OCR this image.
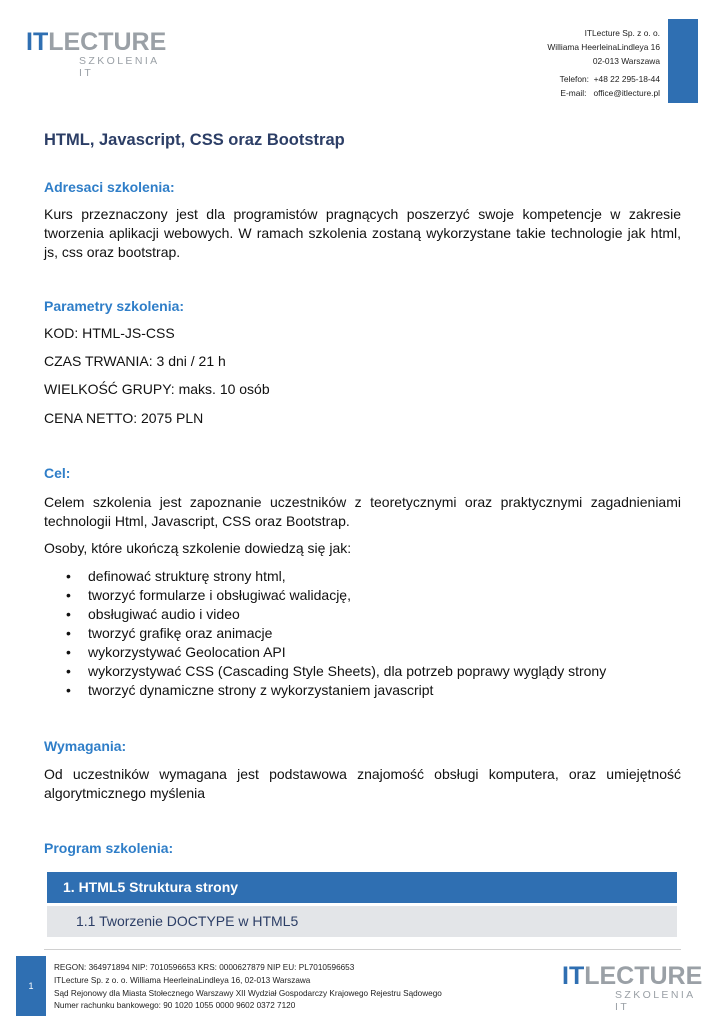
ITLECTURE
SZKOLENIA IT
ITLecture Sp. z o. o.
Williama HeerleinaLindleya 16
02-013 Warszawa
Telefon: +48 22 295-18-44
E-mail: office@itlecture.pl
HTML, Javascript, CSS oraz Bootstrap
Adresaci szkolenia:
Kurs przeznaczony jest dla programistów pragnących poszerzyć swoje kompetencje w zakresie tworzenia aplikacji webowych. W ramach szkolenia zostaną wykorzystane takie technologie jak html, js, css oraz bootstrap.
Parametry szkolenia:
KOD: HTML-JS-CSS
CZAS TRWANIA: 3 dni / 21 h
WIELKOŚĆ GRUPY: maks. 10 osób
CENA NETTO: 2075 PLN
Cel:
Celem szkolenia jest zapoznanie uczestników z teoretycznymi oraz praktycznymi zagadnieniami technologii Html, Javascript, CSS oraz Bootstrap.
Osoby, które ukończą szkolenie dowiedzą się jak:
• definować strukturę strony html,
• tworzyć formularze i obsługiwać walidację,
• obsługiwać audio i video
• tworzyć grafikę oraz animacje
• wykorzystywać Geolocation API
• wykorzystywać CSS (Cascading Style Sheets), dla potrzeb poprawy wyglądy strony
• tworzyć dynamiczne strony z wykorzystaniem javascript
Wymagania:
Od uczestników wymagana jest podstawowa znajomość obsługi komputera, oraz umiejętność algorytmicznego myślenia
Program szkolenia:
1. HTML5 Struktura strony
1.1 Tworzenie DOCTYPE w HTML5
1
REGON: 364971894 NIP: 7010596653 KRS: 0000627879 NIP EU: PL7010596653
ITLecture Sp. z o. o. Williama HeerleinaLindleya 16, 02-013 Warszawa
Sąd Rejonowy dla Miasta Stołecznego Warszawy XII Wydział Gospodarczy Krajowego Rejestru Sądowego
Numer rachunku bankowego: 90 1020 1055 0000 9602 0372 7120
ITLECTURE
SZKOLENIA IT
